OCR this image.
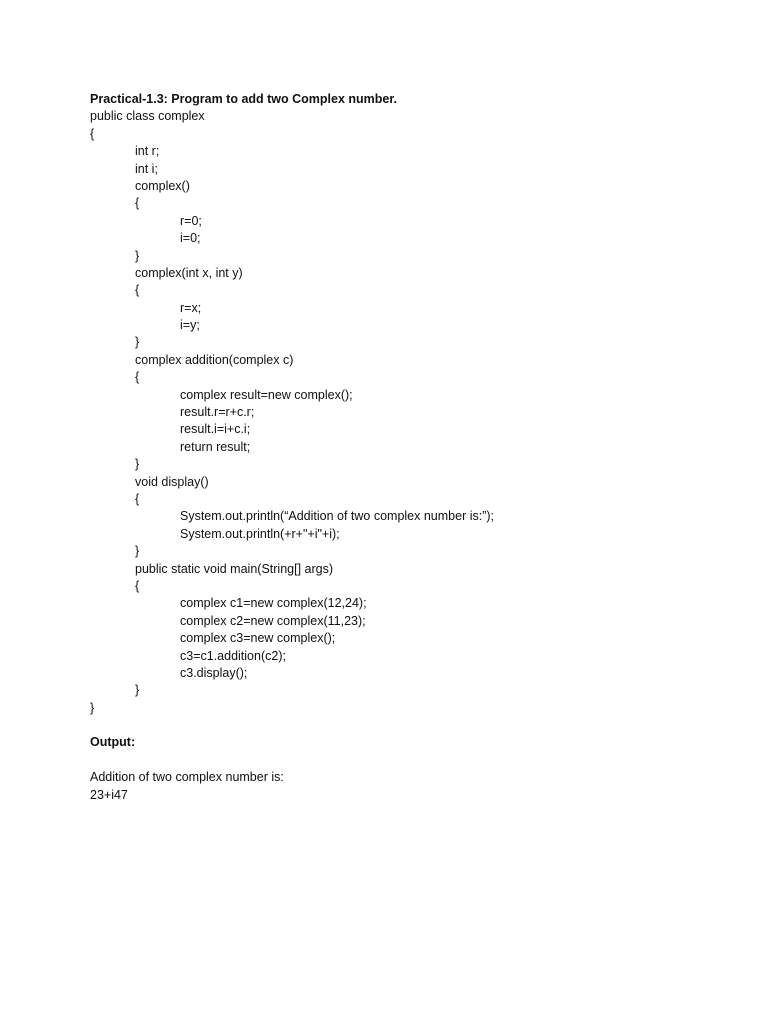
Practical-1.3: Program to add two Complex number.
public class complex
{
int r;
int i;
complex()
{
r=0;
i=0;
}
complex(int x, int y)
{
r=x;
i=y;
}
complex addition(complex c)
{
complex result=new complex();
result.r=r+c.r;
result.i=i+c.i;
return result;
}
void display()
{
System.out.println(“Addition of two complex number is:”);
System.out.println(+r+"+i"+i);
}
public static void main(String[] args)
{
complex c1=new complex(12,24);
complex c2=new complex(11,23);
complex c3=new complex();
c3=c1.addition(c2);
c3.display();
}
}
Output:
Addition of two complex number is:
23+i47
